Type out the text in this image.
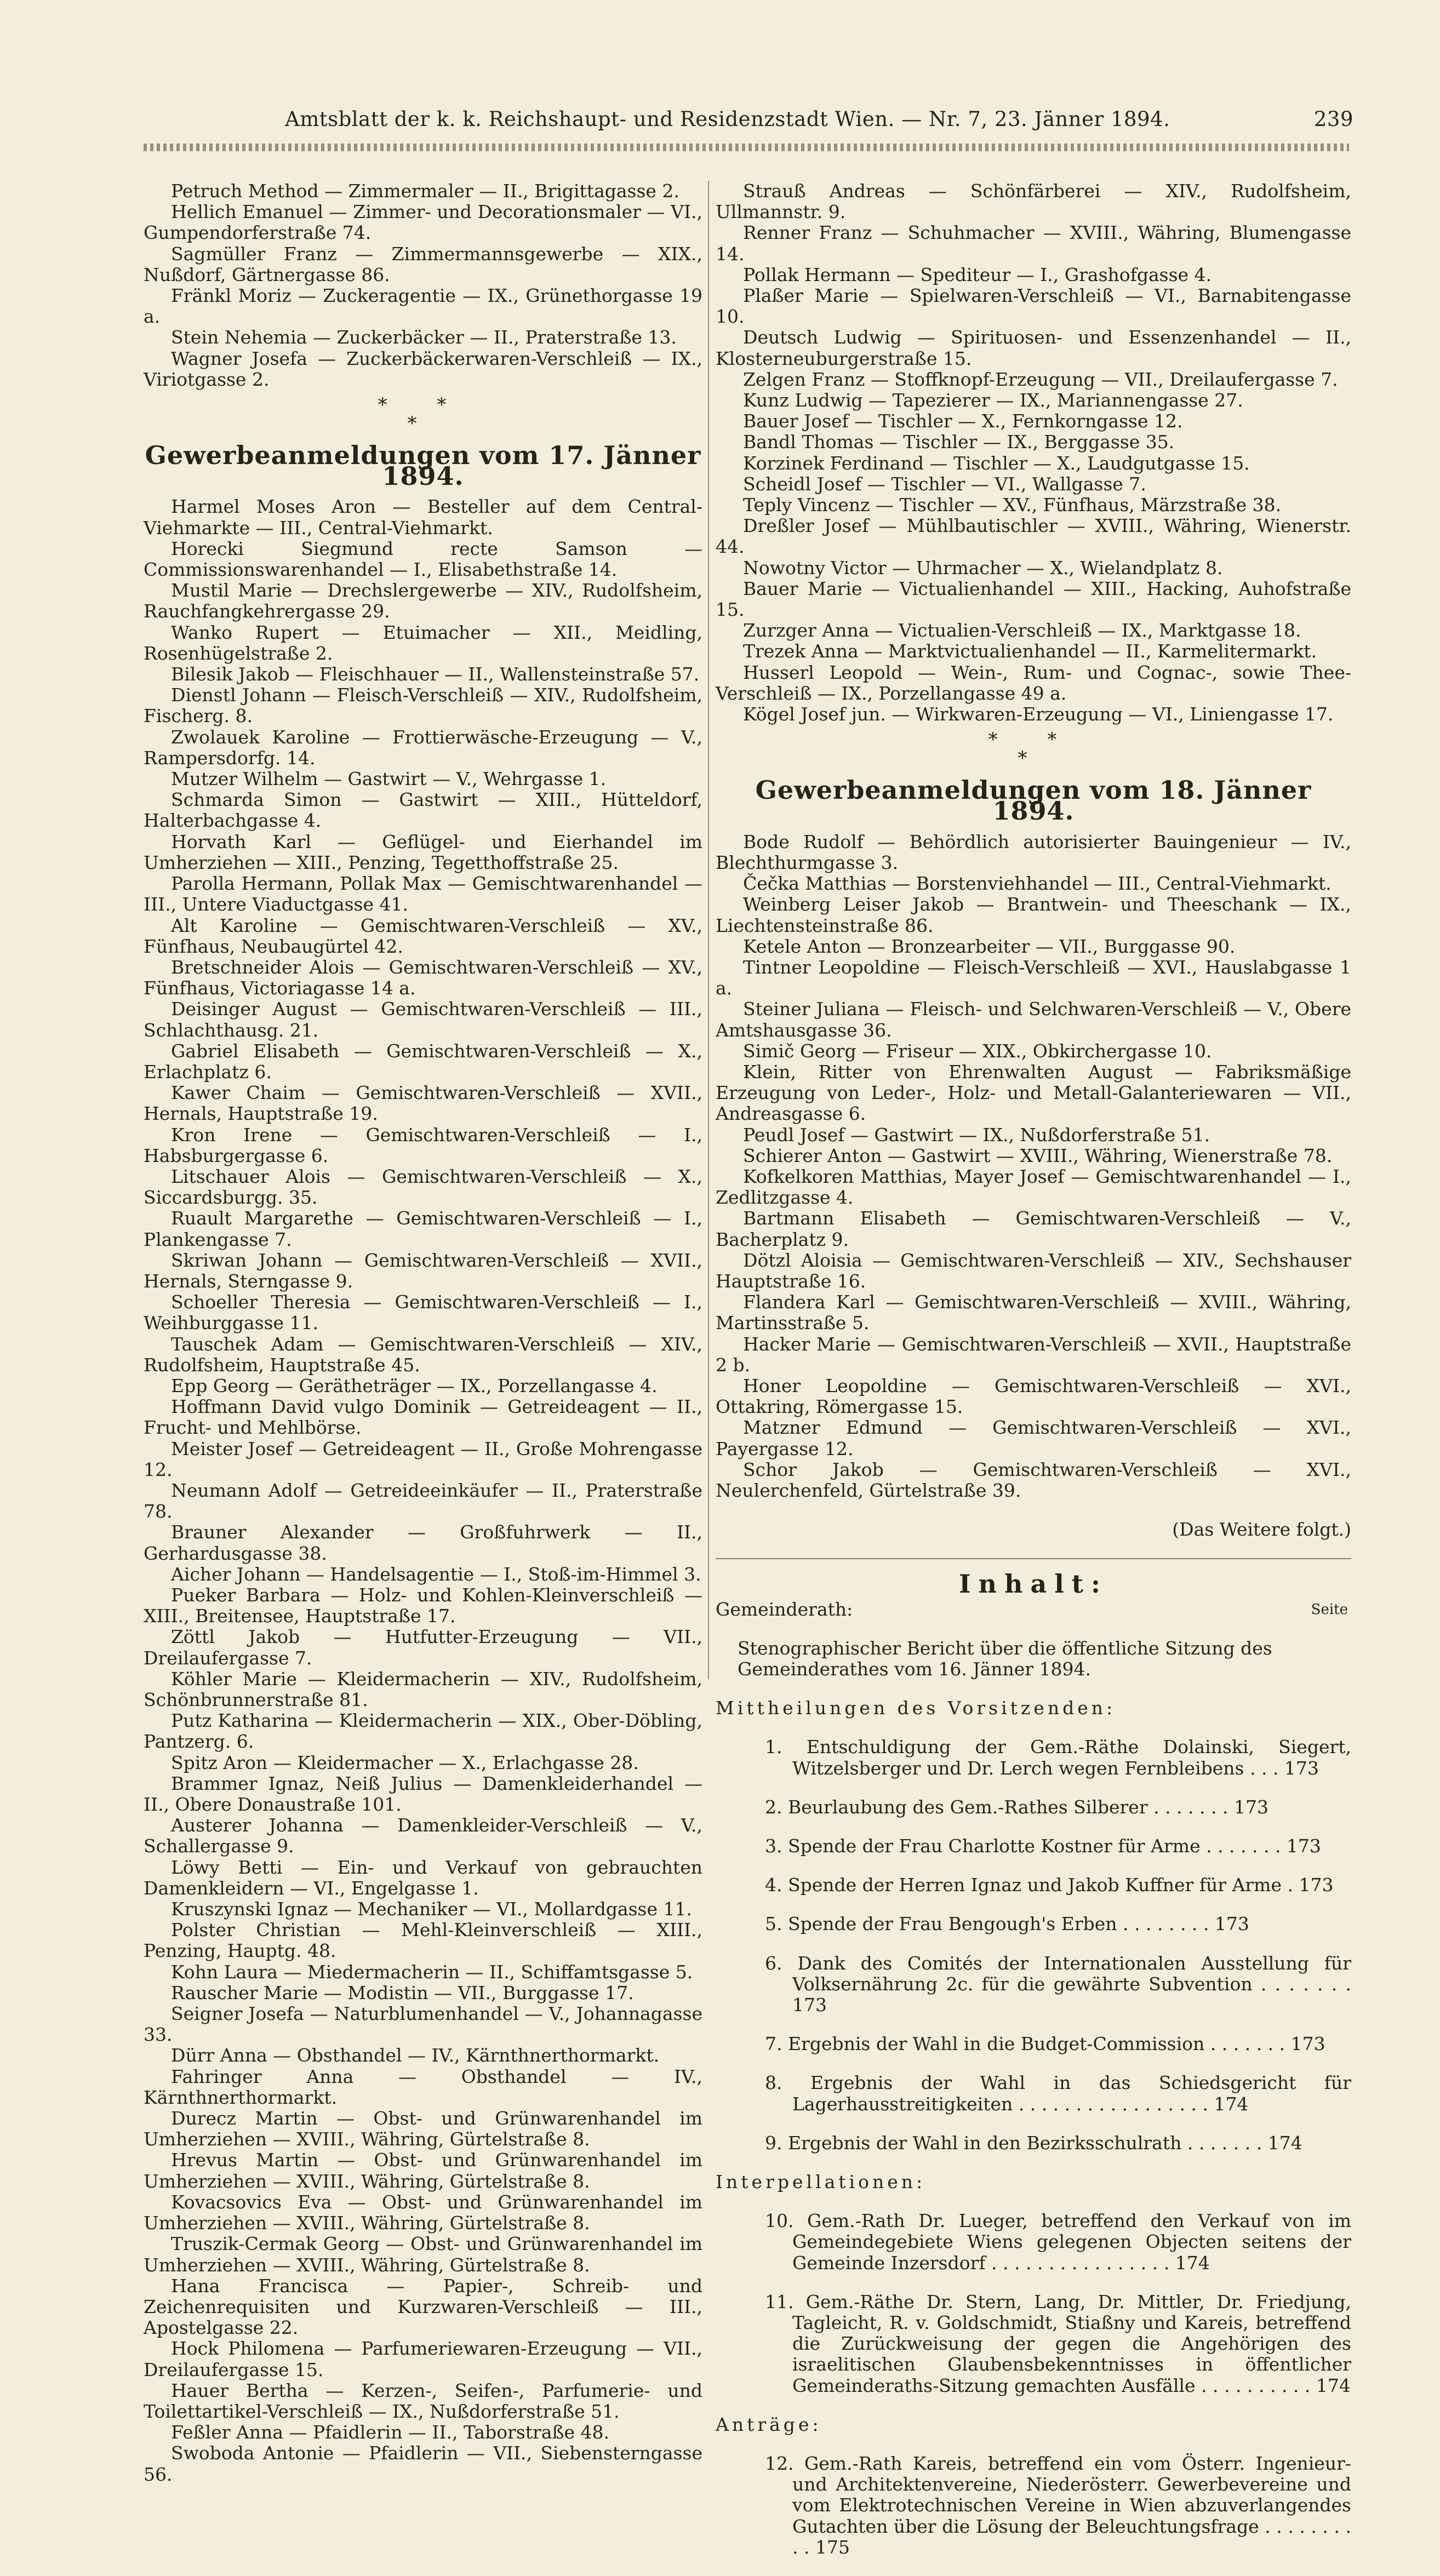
Amtsblatt der k. k. Reichshaupt- und Residenzstadt Wien. — Nr. 7, 23. Jänner 1894.	239

Petruch Method — Zimmermaler — II., Brigittagasse 2.

Hellich Emanuel — Zimmer- und Decorationsmaler — VI., Gumpendorferstraße 74.

Sagmüller Franz — Zimmermannsgewerbe — XIX., Nußdorf, Gärtnergasse 86.

Fränkl Moriz — Zuckeragentie — IX., Grünethorgasse 19 a.

Stein Nehemia — Zuckerbäcker — II., Praterstraße 13.

Wagner Josefa — Zuckerbäckerwaren-Verschleiß — IX., Viriotgasse 2.

* *
*
Gewerbeanmeldungen vom 17. Jänner 1894.

Harmel Moses Aron — Besteller auf dem Central-Viehmarkte — III., Central-Viehmarkt.

Horecki Siegmund recte Samson — Commissionswarenhandel — I., Elisabethstraße 14.

Mustil Marie — Drechslergewerbe — XIV., Rudolfsheim, Rauchfangkehrergasse 29.

Wanko Rupert — Etuimacher — XII., Meidling, Rosenhügelstraße 2.

Bilesik Jakob — Fleischhauer — II., Wallensteinstraße 57.

Dienstl Johann — Fleisch-Verschleiß — XIV., Rudolfsheim, Fischerg. 8.

Zwolauek Karoline — Frottierwäsche-Erzeugung — V., Rampersdorfg. 14.

Mutzer Wilhelm — Gastwirt — V., Wehrgasse 1.

Schmarda Simon — Gastwirt — XIII., Hütteldorf, Halterbachgasse 4.

Horvath Karl — Geflügel- und Eierhandel im Umherziehen — XIII., Penzing, Tegetthoffstraße 25.

Parolla Hermann, Pollak Max — Gemischtwarenhandel — III., Untere Viaductgasse 41.

Alt Karoline — Gemischtwaren-Verschleiß — XV., Fünfhaus, Neubaugürtel 42.

Bretschneider Alois — Gemischtwaren-Verschleiß — XV., Fünfhaus, Victoriagasse 14 a.

Deisinger August — Gemischtwaren-Verschleiß — III., Schlachthausg. 21.

Gabriel Elisabeth — Gemischtwaren-Verschleiß — X., Erlachplatz 6.

Kawer Chaim — Gemischtwaren-Verschleiß — XVII., Hernals, Hauptstraße 19.

Kron Irene — Gemischtwaren-Verschleiß — I., Habsburgergasse 6.

Litschauer Alois — Gemischtwaren-Verschleiß — X., Siccardsburgg. 35.

Ruault Margarethe — Gemischtwaren-Verschleiß — I., Plankengasse 7.

Skriwan Johann — Gemischtwaren-Verschleiß — XVII., Hernals, Sterngasse 9.

Schoeller Theresia — Gemischtwaren-Verschleiß — I., Weihburggasse 11.

Tauschek Adam — Gemischtwaren-Verschleiß — XIV., Rudolfsheim, Hauptstraße 45.

Epp Georg — Gerätheträger — IX., Porzellangasse 4.

Hoffmann David vulgo Dominik — Getreideagent — II., Frucht- und Mehlbörse.

Meister Josef — Getreideagent — II., Große Mohrengasse 12.

Neumann Adolf — Getreideeinkäufer — II., Praterstraße 78.

Brauner Alexander — Großfuhrwerk — II., Gerhardusgasse 38.

Aicher Johann — Handelsagentie — I., Stoß-im-Himmel 3.

Pueker Barbara — Holz- und Kohlen-Kleinverschleiß — XIII., Breitensee, Hauptstraße 17.

Zöttl Jakob — Hutfutter-Erzeugung — VII., Dreilaufergasse 7.

Köhler Marie — Kleidermacherin — XIV., Rudolfsheim, Schönbrunnerstraße 81.

Putz Katharina — Kleidermacherin — XIX., Ober-Döbling, Pantzerg. 6.

Spitz Aron — Kleidermacher — X., Erlachgasse 28.

Brammer Ignaz, Neiß Julius — Damenkleiderhandel — II., Obere Donaustraße 101.

Austerer Johanna — Damenkleider-Verschleiß — V., Schallergasse 9.

Löwy Betti — Ein- und Verkauf von gebrauchten Damenkleidern — VI., Engelgasse 1.

Kruszynski Ignaz — Mechaniker — VI., Mollardgasse 11.

Polster Christian — Mehl-Kleinverschleiß — XIII., Penzing, Hauptg. 48.

Kohn Laura — Miedermacherin — II., Schiffamtsgasse 5.

Rauscher Marie — Modistin — VII., Burggasse 17.

Seigner Josefa — Naturblumenhandel — V., Johannagasse 33.

Dürr Anna — Obsthandel — IV., Kärnthnerthormarkt.

Fahringer Anna — Obsthandel — IV., Kärnthnerthormarkt.

Durecz Martin — Obst- und Grünwarenhandel im Umherziehen — XVIII., Währing, Gürtelstraße 8.

Hrevus Martin — Obst- und Grünwarenhandel im Umherziehen — XVIII., Währing, Gürtelstraße 8.

Kovacsovics Eva — Obst- und Grünwarenhandel im Umherziehen — XVIII., Währing, Gürtelstraße 8.

Truszik-Cermak Georg — Obst- und Grünwarenhandel im Umherziehen — XVIII., Währing, Gürtelstraße 8.

Hana Francisca — Papier-, Schreib- und Zeichenrequisiten und Kurzwaren-Verschleiß — III., Apostelgasse 22.

Hock Philomena — Parfumeriewaren-Erzeugung — VII., Dreilaufergasse 15.

Hauer Bertha — Kerzen-, Seifen-, Parfumerie- und Toilettartikel-Verschleiß — IX., Nußdorferstraße 51.

Feßler Anna — Pfaidlerin — II., Taborstraße 48.

Swoboda Antonie — Pfaidlerin — VII., Siebensterngasse 56.

Strauß Andreas — Schönfärberei — XIV., Rudolfsheim, Ullmannstr. 9.

Renner Franz — Schuhmacher — XVIII., Währing, Blumengasse 14.

Pollak Hermann — Spediteur — I., Grashofgasse 4.

Plaßer Marie — Spielwaren-Verschleiß — VI., Barnabitengasse 10.

Deutsch Ludwig — Spirituosen- und Essenzenhandel — II., Klosterneuburgerstraße 15.

Zelgen Franz — Stoffknopf-Erzeugung — VII., Dreilaufergasse 7.

Kunz Ludwig — Tapezierer — IX., Mariannengasse 27.

Bauer Josef — Tischler — X., Fernkorngasse 12.

Bandl Thomas — Tischler — IX., Berggasse 35.

Korzinek Ferdinand — Tischler — X., Laudgutgasse 15.

Scheidl Josef — Tischler — VI., Wallgasse 7.

Teply Vincenz — Tischler — XV., Fünfhaus, Märzstraße 38.

Dreßler Josef — Mühlbautischler — XVIII., Währing, Wienerstr. 44.

Nowotny Victor — Uhrmacher — X., Wielandplatz 8.

Bauer Marie — Victualienhandel — XIII., Hacking, Auhofstraße 15.

Zurzger Anna — Victualien-Verschleiß — IX., Marktgasse 18.

Trezek Anna — Marktvictualienhandel — II., Karmelitermarkt.

Husserl Leopold — Wein-, Rum- und Cognac-, sowie Thee-Verschleiß — IX., Porzellangasse 49 a.

Kögel Josef jun. — Wirkwaren-Erzeugung — VI., Liniengasse 17.

* *
*
Gewerbeanmeldungen vom 18. Jänner 1894.

Bode Rudolf — Behördlich autorisierter Bauingenieur — IV., Blechthurmgasse 3.

Čečka Matthias — Borstenviehhandel — III., Central-Viehmarkt.

Weinberg Leiser Jakob — Brantwein- und Theeschank — IX., Liechtensteinstraße 86.

Ketele Anton — Bronzearbeiter — VII., Burggasse 90.

Tintner Leopoldine — Fleisch-Verschleiß — XVI., Hauslabgasse 1 a.

Steiner Juliana — Fleisch- und Selchwaren-Verschleiß — V., Obere Amtshausgasse 36.

Simič Georg — Friseur — XIX., Obkirchergasse 10.

Klein, Ritter von Ehrenwalten August — Fabriksmäßige Erzeugung von Leder-, Holz- und Metall-Galanteriewaren — VII., Andreasgasse 6.

Peudl Josef — Gastwirt — IX., Nußdorferstraße 51.

Schierer Anton — Gastwirt — XVIII., Währing, Wienerstraße 78.

Kofkelkoren Matthias, Mayer Josef — Gemischtwarenhandel — I., Zedlitzgasse 4.

Bartmann Elisabeth — Gemischtwaren-Verschleiß — V., Bacherplatz 9.

Dötzl Aloisia — Gemischtwaren-Verschleiß — XIV., Sechshauser Hauptstraße 16.

Flandera Karl — Gemischtwaren-Verschleiß — XVIII., Währing, Martinsstraße 5.

Hacker Marie — Gemischtwaren-Verschleiß — XVII., Hauptstraße 2 b.

Honer Leopoldine — Gemischtwaren-Verschleiß — XVI., Ottakring, Römergasse 15.

Matzner Edmund — Gemischtwaren-Verschleiß — XVI., Payergasse 12.

Schor Jakob — Gemischtwaren-Verschleiß — XVI., Neulerchenfeld, Gürtelstraße 39.

(Das Weitere folgt.)

Inhalt:
Gemeinderath:	Seite

Stenographischer Bericht über die öffentliche Sitzung des Gemeinderathes vom 16. Jänner 1894.

Mittheilungen des Vorsitzenden:

1. Entschuldigung der Gem.-Räthe Dolainski, Siegert, Witzelsberger und Dr. Lerch wegen Fernbleibens . . . 173

2. Beurlaubung des Gem.-Rathes Silberer . . . . . . . 173

3. Spende der Frau Charlotte Kostner für Arme . . . . . . . 173

4. Spende der Herren Ignaz und Jakob Kuffner für Arme . 173

5. Spende der Frau Bengough's Erben . . . . . . . . 173

6. Dank des Comités der Internationalen Ausstellung für Volksernährung 2c. für die gewährte Subvention . . . . . . . 173

7. Ergebnis der Wahl in die Budget-Commission . . . . . . . 173

8. Ergebnis der Wahl in das Schiedsgericht für Lagerhausstreitigkeiten . . . . . . . . . . . . . . . . . 174

9. Ergebnis der Wahl in den Bezirksschulrath . . . . . . . 174

Interpellationen:

10. Gem.-Rath Dr. Lueger, betreffend den Verkauf von im Gemeindegebiete Wiens gelegenen Objecten seitens der Gemeinde Inzersdorf . . . . . . . . . . . . . . . . 174

11. Gem.-Räthe Dr. Stern, Lang, Dr. Mittler, Dr. Friedjung, Tagleicht, R. v. Goldschmidt, Stiaßny und Kareis, betreffend die Zurückweisung der gegen die Angehörigen des israelitischen Glaubensbekenntnisses in öffentlicher Gemeinderaths-Sitzung gemachten Ausfälle . . . . . . . . . . 174

Anträge:

12. Gem.-Rath Kareis, betreffend ein vom Österr. Ingenieur- und Architektenvereine, Niederösterr. Gewerbevereine und vom Elektrotechnischen Vereine in Wien abzuverlangendes Gutachten über die Lösung der Beleuchtungsfrage . . . . . . . . . . 175
